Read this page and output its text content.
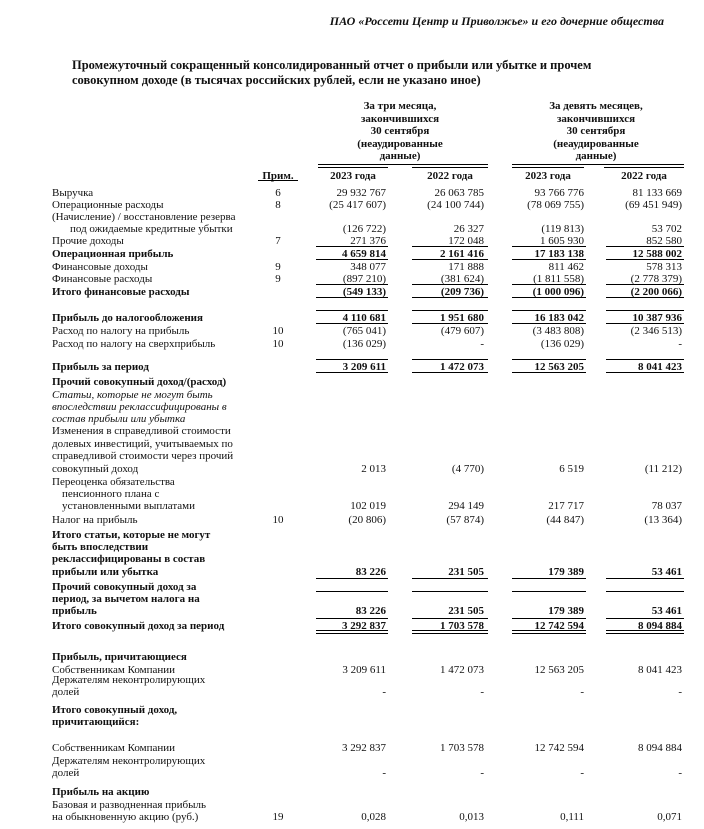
ПАО «Россети Центр и Приволжье» и его дочерние общества
Промежуточный сокращенный консолидированный отчет о прибыли или убытке и прочем совокупном доходе (в тысячах российских рублей, если не указано иное)
За три месяца,
закончившихся
30 сентября
(неаудированные
данные)
За девять месяцев,
закончившихся
30 сентября
(неаудированные
данные)
Прим.	2023 года	2022 года	2023 года	2022 года
Выручка	6	29 932 767	26 063 785	93 766 776	81 133 669
Операционные расходы	8	(25 417 607)	(24 100 744)	(78 069 755)	(69 451 949)
(Начисление) / восстановление резерва
под ожидаемые кредитные убытки	(126 722)	26 327	(119 813)	53 702
Прочие доходы	7	271 376	172 048	1 605 930	852 580
Операционная прибыль	4 659 814	2 161 416	17 183 138	12 588 002
Финансовые доходы	9	348 077	171 888	811 462	578 313
Финансовые расходы	9	(897 210)	(381 624)	(1 811 558)	(2 778 379)
Итого финансовые расходы	(549 133)	(209 736)	(1 000 096)	(2 200 066)
Прибыль до налогообложения	4 110 681	1 951 680	16 183 042	10 387 936
Расход по налогу на прибыль	10	(765 041)	(479 607)	(3 483 808)	(2 346 513)
Расход по налогу на сверхприбыль	10	(136 029)	-	(136 029)	-
Прибыль за период	3 209 611	1 472 073	12 563 205	8 041 423
Прочий совокупный доход/(расход)
Статьи, которые не могут быть
впоследствии реклассифицированы в
состав прибыли или убытка
Изменения в справедливой стоимости
долевых инвестиций, учитываемых по
справедливой стоимости через прочий
совокупный доход	2 013	(4 770)	6 519	(11 212)
Переоценка обязательства
пенсионного плана с
установленными выплатами	102 019	294 149	217 717	78 037
Налог на прибыль	10	(20 806)	(57 874)	(44 847)	(13 364)
Итого статьи, которые не могут
быть впоследствии
реклассифицированы в состав
прибыли или убытка	83 226	231 505	179 389	53 461
Прочий совокупный доход за
период, за вычетом налога на
прибыль	83 226	231 505	179 389	53 461
Итого совокупный доход за период	3 292 837	1 703 578	12 742 594	8 094 884
Прибыль, причитающиеся
Собственникам Компании	3 209 611	1 472 073	12 563 205	8 041 423
Держателям неконтролирующих
долей	-	-	-	-
Итого совокупный доход,
причитающийся:
Собственникам Компании	3 292 837	1 703 578	12 742 594	8 094 884
Держателям неконтролирующих
долей	-	-	-	-
Прибыль на акцию
Базовая и разводненная прибыль
на обыкновенную акцию (руб.)	19	0,028	0,013	0,111	0,071
